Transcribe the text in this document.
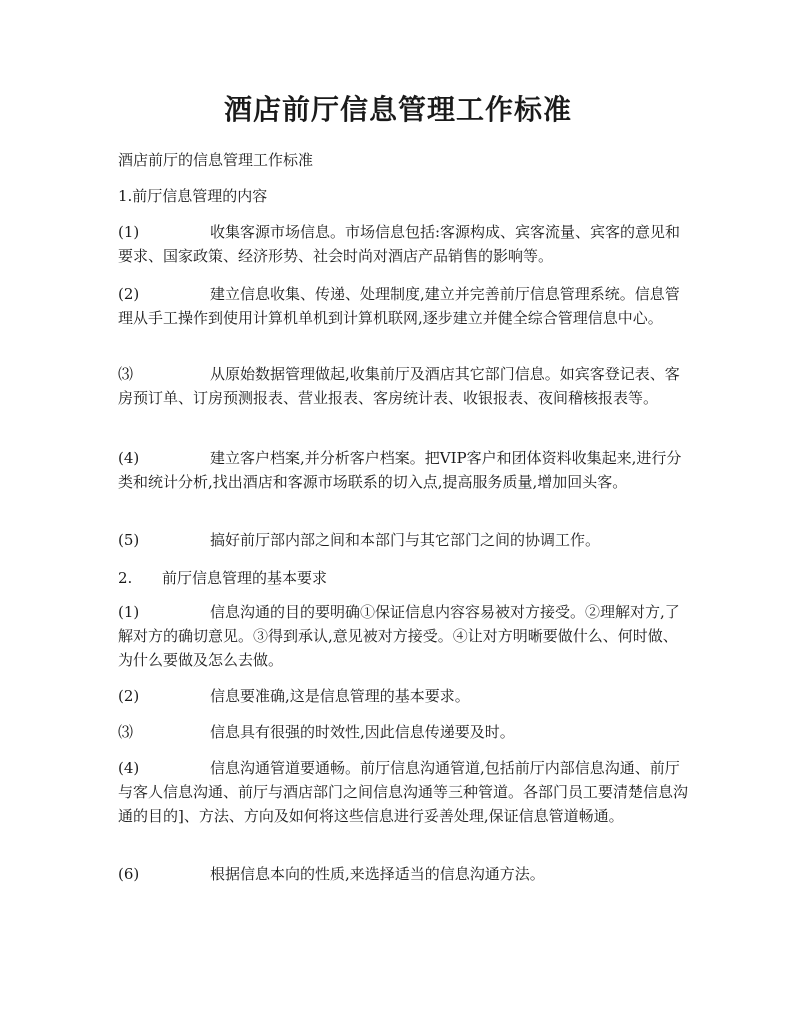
酒店前厅信息管理工作标准

酒店前厅的信息管理工作标准

1.前厅信息管理的内容

(1)	收集客源市场信息。市场信息包括:客源构成、宾客流量、宾客的意见和要求、国家政策、经济形势、社会时尚对酒店产品销售的影响等。

(2)	建立信息收集、传递、处理制度,建立并完善前厅信息管理系统。信息管理从手工操作到使用计算机单机到计算机联网,逐步建立并健全综合管理信息中心。

⑶	从原始数据管理做起,收集前厅及酒店其它部门信息。如宾客登记表、客房预订单、订房预测报表、营业报表、客房统计表、收银报表、夜间稽核报表等。

(4)	建立客户档案,并分析客户档案。把VIP客户和团体资料收集起来,进行分类和统计分析,找出酒店和客源市场联系的切入点,提高服务质量,增加回头客。

(5)	搞好前厅部内部之间和本部门与其它部门之间的协调工作。

2. 前厅信息管理的基本要求

(1)	信息沟通的目的要明确①保证信息内容容易被对方接受。②理解对方,了解对方的确切意见。③得到承认,意见被对方接受。④让对方明晰要做什么、何时做、为什么要做及怎么去做。

(2)	信息要准确,这是信息管理的基本要求。

⑶	信息具有很强的时效性,因此信息传递要及时。

(4)	信息沟通管道要通畅。前厅信息沟通管道,包括前厅内部信息沟通、前厅与客人信息沟通、前厅与酒店部门之间信息沟通等三种管道。各部门员工要清楚信息沟通的目的]、方法、方向及如何将这些信息进行妥善处理,保证信息管道畅通。

(6)	根据信息本向的性质,来选择适当的信息沟通方法。
